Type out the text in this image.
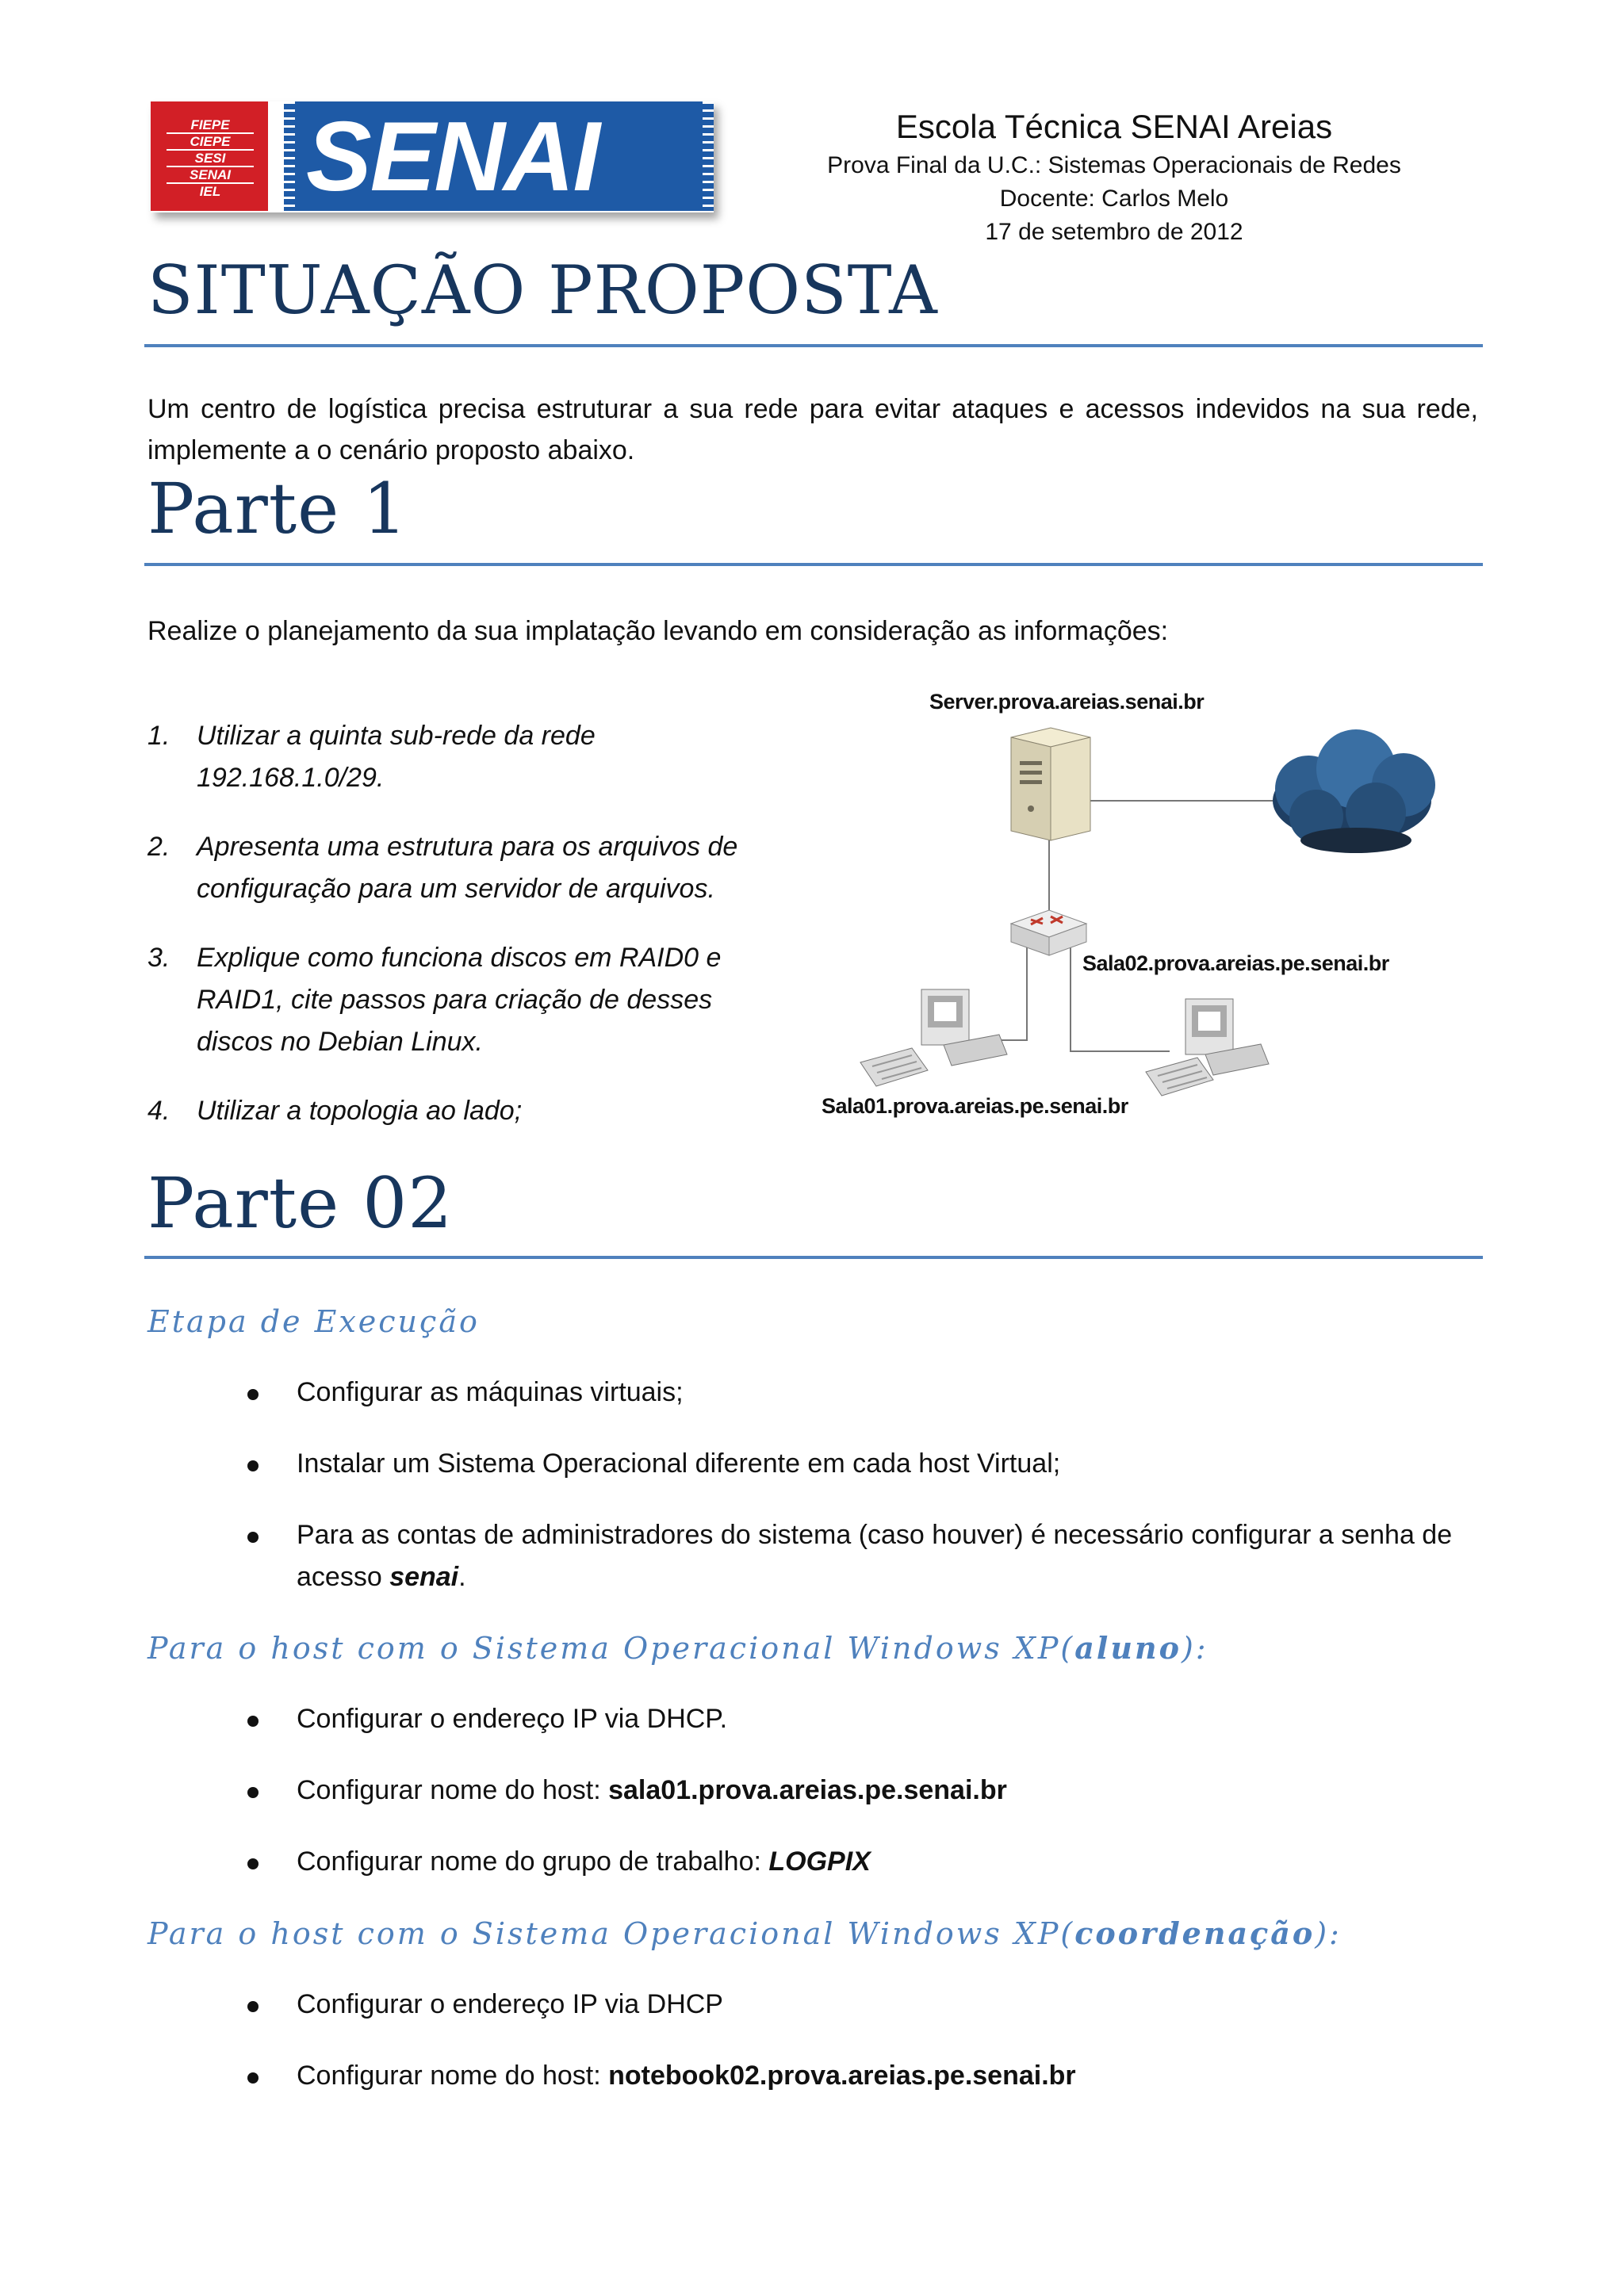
FIEPE
CIEPE
SESI
SENAI
IEL SENAI	Escola Técnica SENAI Areias
Prova Final da U.C.: Sistemas Operacionais de Redes
Docente: Carlos Melo
17 de setembro de 2012
SITUAÇÃO PROPOSTA
Um centro de logística precisa estruturar a sua rede para evitar ataques e acessos indevidos na sua rede, implemente a o cenário proposto abaixo.
Parte 1
Realize o planejamento da sua implatação levando em consideração as informações:
1. Utilizar a quinta sub-rede da rede 192.168.1.0/29.
2. Apresenta uma estrutura para os arquivos de configuração para um servidor de arquivos.
3. Explique como funciona discos em RAID0 e RAID1, cite passos para criação de desses discos no Debian Linux.
4. Utilizar a topologia ao lado;
Server.prova.areias.senai.br
Sala02.prova.areias.pe.senai.br
Sala01.prova.areias.pe.senai.br
Parte 02
Etapa de Execução
Configurar as máquinas virtuais;
Instalar um Sistema Operacional diferente em cada host Virtual;
Para as contas de administradores do sistema (caso houver) é necessário configurar a senha de acesso senai.
Para o host com o Sistema Operacional Windows XP(aluno):
Configurar o endereço IP via DHCP.
Configurar nome do host: sala01.prova.areias.pe.senai.br
Configurar nome do grupo de trabalho: LOGPIX
Para o host com o Sistema Operacional Windows XP(coordenação):
Configurar o endereço IP via DHCP
Configurar nome do host: notebook02.prova.areias.pe.senai.br
